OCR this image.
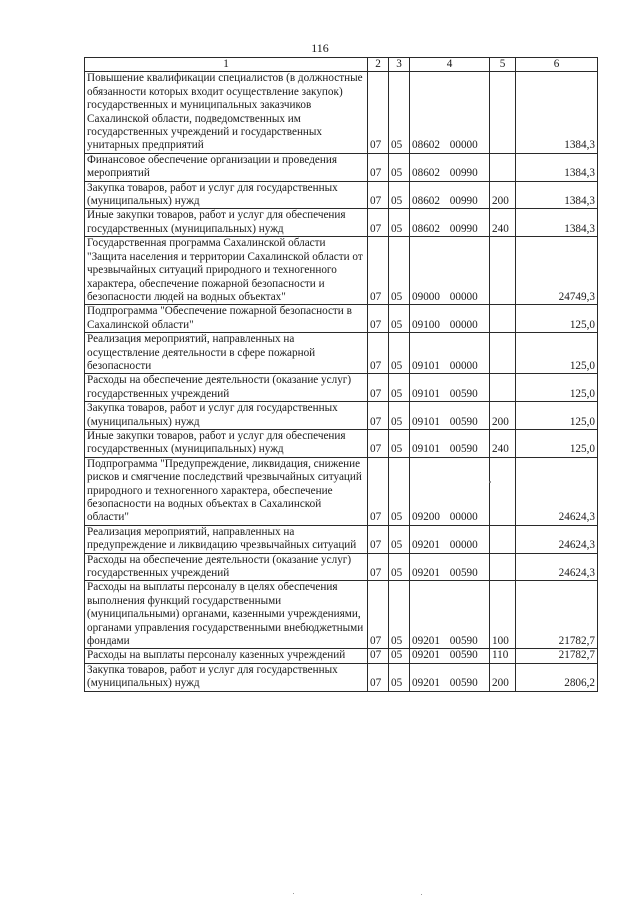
116
1	2	3	4	5	6
Повышение квалификации специалистов (в должностные обязанности которых входит осуществление закупок) государственных и муниципальных заказчиков Сахалинской области, подведомственных им государственных учреждений и государственных унитарных предприятий	07	05	08602 00000		1384,3
Финансовое обеспечение организации и проведения мероприятий	07	05	08602 00990		1384,3
Закупка товаров, работ и услуг для государственных (муниципальных) нужд	07	05	08602 00990	200	1384,3
Иные закупки товаров, работ и услуг для обеспечения государственных (муниципальных) нужд	07	05	08602 00990	240	1384,3
Государственная программа Сахалинской области "Защита населения и территории Сахалинской области от чрезвычайных ситуаций природного и техногенного характера, обеспечение пожарной безопасности и безопасности людей на водных объектах"	07	05	09000 00000		24749,3
Подпрограмма "Обеспечение пожарной безопасности в Сахалинской области"	07	05	09100 00000		125,0
Реализация мероприятий, направленных на осуществление деятельности в сфере пожарной безопасности	07	05	09101 00000		125,0
Расходы на обеспечение деятельности (оказание услуг) государственных учреждений	07	05	09101 00590		125,0
Закупка товаров, работ и услуг для государственных (муниципальных) нужд	07	05	09101 00590	200	125,0
Иные закупки товаров, работ и услуг для обеспечения государственных (муниципальных) нужд	07	05	09101 00590	240	125,0
Подпрограмма "Предупреждение, ликвидация, снижение рисков и смягчение последствий чрезвычайных ситуаций природного и техногенного характера, обеспечение безопасности на водных объектах в Сахалинской области"	07	05	09200 00000		24624,3
Реализация мероприятий, направленных на предупреждение и ликвидацию чрезвычайных ситуаций	07	05	09201 00000		24624,3
Расходы на обеспечение деятельности (оказание услуг) государственных учреждений	07	05	09201 00590		24624,3
Расходы на выплаты персоналу в целях обеспечения выполнения функций государственными (муниципальными) органами, казенными учреждениями, органами управления государственными внебюджетными фондами	07	05	09201 00590	100	21782,7
Расходы на выплаты персоналу казенных учреждений	07	05	09201 00590	110	21782,7
Закупка товаров, работ и услуг для государственных (муниципальных) нужд	07	05	09201 00590	200	2806,2
